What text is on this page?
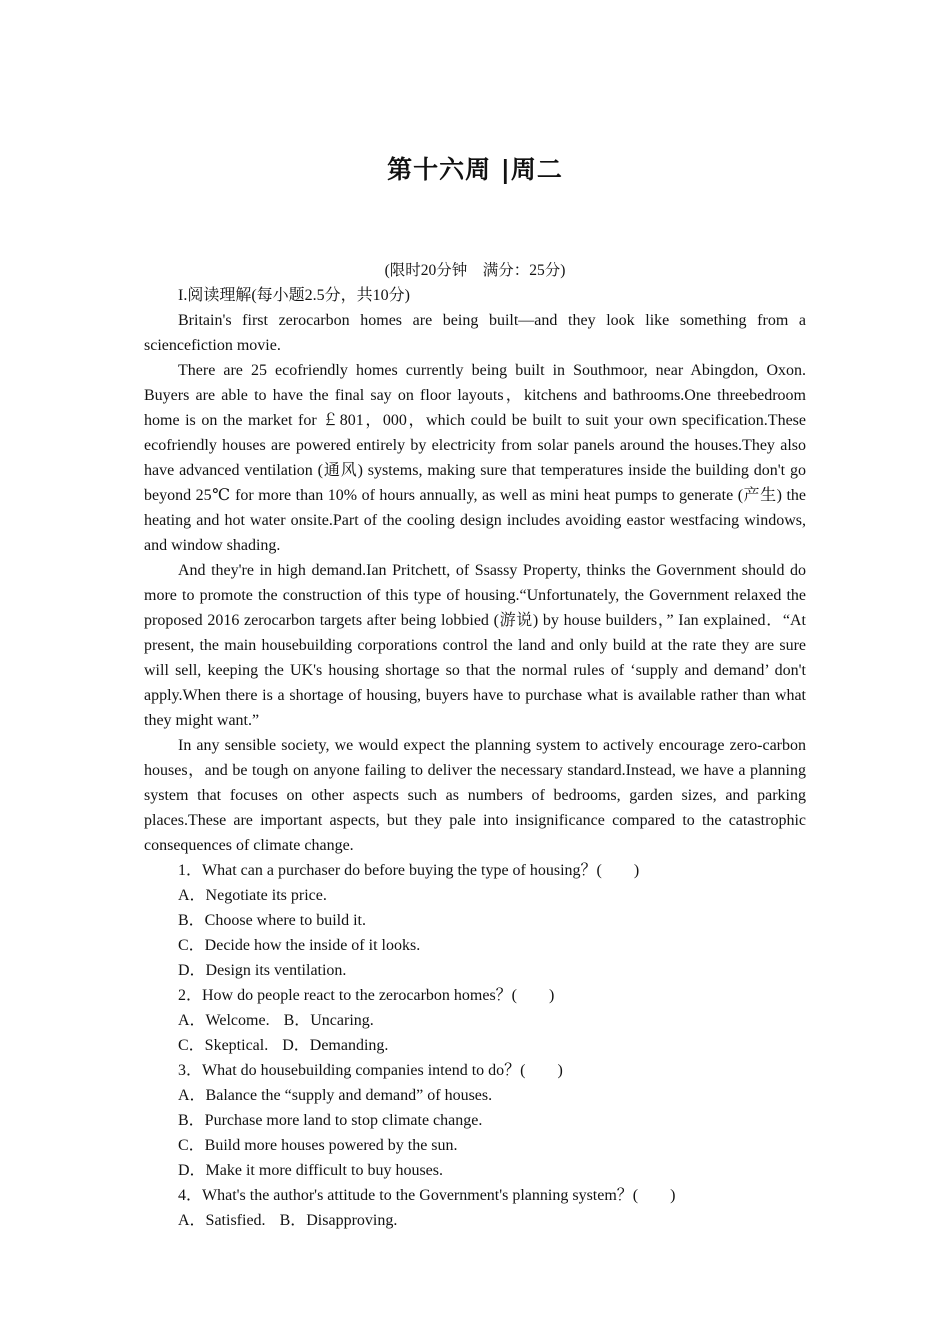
第十六周 |周二
(限时20分钟　满分：25分)
I.阅读理解(每小题2.5分，共10分)

Britain's first zerocarbon homes are being built—and they look like something from a sciencefiction movie.

There are 25 ecofriendly homes currently being built in Southmoor, near Abingdon, Oxon. Buyers are able to have the final say on floor layouts，kitchens and bathrooms.One threebedroom home is on the market for ￡801，000，which could be built to suit your own specification.These ecofriendly houses are powered entirely by electricity from solar panels around the houses.They also have advanced ventilation (通风) systems, making sure that temperatures inside the building don't go beyond 25℃ for more than 10% of hours annually, as well as mini heat pumps to generate (产生) the heating and hot water onsite.Part of the cooling design includes avoiding eastor westfacing windows, and window shading.

And they're in high demand.Ian Pritchett, of Ssassy Property, thinks the Government should do more to promote the construction of this type of housing.“Unfortunately, the Government relaxed the proposed 2016 zerocarbon targets after being lobbied (游说) by house builders，” Ian explained．“At present, the main housebuilding corporations control the land and only build at the rate they are sure will sell, keeping the UK's housing shortage so that the normal rules of ‘supply and demand’ don't apply.When there is a shortage of housing, buyers have to purchase what is available rather than what they might want.”

In any sensible society, we would expect the planning system to actively encourage zero-carbon houses，and be tough on anyone failing to deliver the necessary standard.Instead, we have a planning system that focuses on other aspects such as numbers of bedrooms, garden sizes, and parking places.These are important aspects, but they pale into insignificance compared to the catastrophic consequences of climate change.

1．What can a purchaser do before buying the type of housing？(　　)

A．Negotiate its price.

B．Choose where to build it.

C．Decide how the inside of it looks.

D．Design its ventilation.

2．How do people react to the zerocarbon homes？(　　)

A．Welcome. B．Uncaring.

C．Skeptical. D．Demanding.

3．What do housebuilding companies intend to do？(　　)

A．Balance the “supply and demand” of houses.

B．Purchase more land to stop climate change.

C．Build more houses powered by the sun.

D．Make it more difficult to buy houses.

4．What's the author's attitude to the Government's planning system？(　　)

A．Satisfied. B．Disapproving.
